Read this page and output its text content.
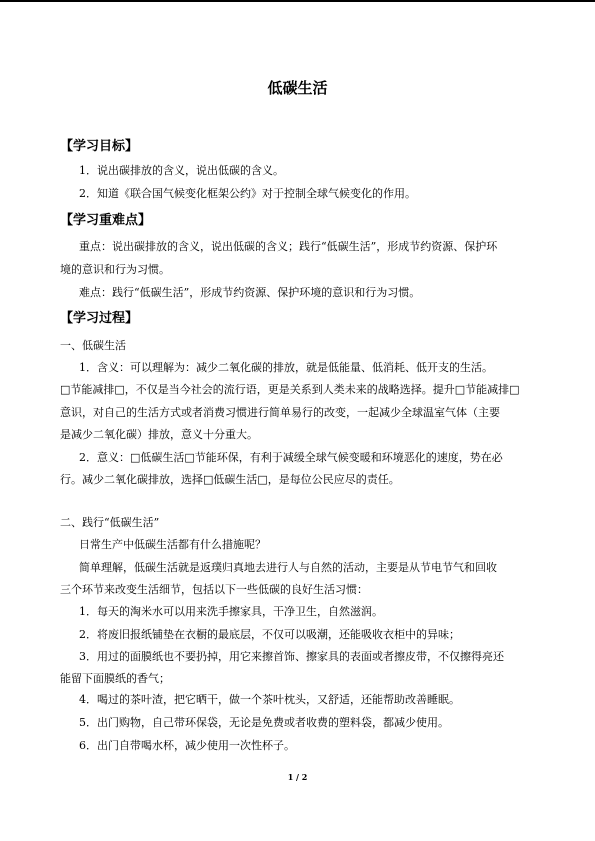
低碳生活
【学习目标】
1．说出碳排放的含义，说出低碳的含义。
2．知道《联合国气候变化框架公约》对于控制全球气候变化的作用。
【学习重难点】
重点：说出碳排放的含义，说出低碳的含义；践行“低碳生活”，形成节约资源、保护环
境的意识和行为习惯。
难点：践行“低碳生活”，形成节约资源、保护环境的意识和行为习惯。
【学习过程】
一、低碳生活
1．含义：可以理解为：减少二氧化碳的排放，就是低能量、低消耗、低开支的生活。
□节能减排□，不仅是当今社会的流行语，更是关系到人类未来的战略选择。提升□节能减排□
意识，对自己的生活方式或者消费习惯进行简单易行的改变，一起减少全球温室气体（主要
是减少二氧化碳）排放，意义十分重大。
2．意义：□低碳生活□节能环保，有利于减缓全球气候变暖和环境恶化的速度，势在必
行。减少二氧化碳排放，选择□低碳生活□，是每位公民应尽的责任。
二、践行“低碳生活”
日常生产中低碳生活都有什么措施呢？
简单理解，低碳生活就是返璞归真地去进行人与自然的活动，主要是从节电节气和回收
三个环节来改变生活细节，包括以下一些低碳的良好生活习惯：
1．每天的淘米水可以用来洗手擦家具，干净卫生，自然滋润。
2．将废旧报纸铺垫在衣橱的最底层，不仅可以吸潮，还能吸收衣柜中的异味；
3．用过的面膜纸也不要扔掉，用它来擦首饰、擦家具的表面或者擦皮带，不仅擦得亮还
能留下面膜纸的香气；
4．喝过的茶叶渣，把它晒干，做一个茶叶枕头，又舒适，还能帮助改善睡眠。
5．出门购物，自己带环保袋，无论是免费或者收费的塑料袋，都减少使用。
6．出门自带喝水杯，减少使用一次性杯子。
1 / 2
